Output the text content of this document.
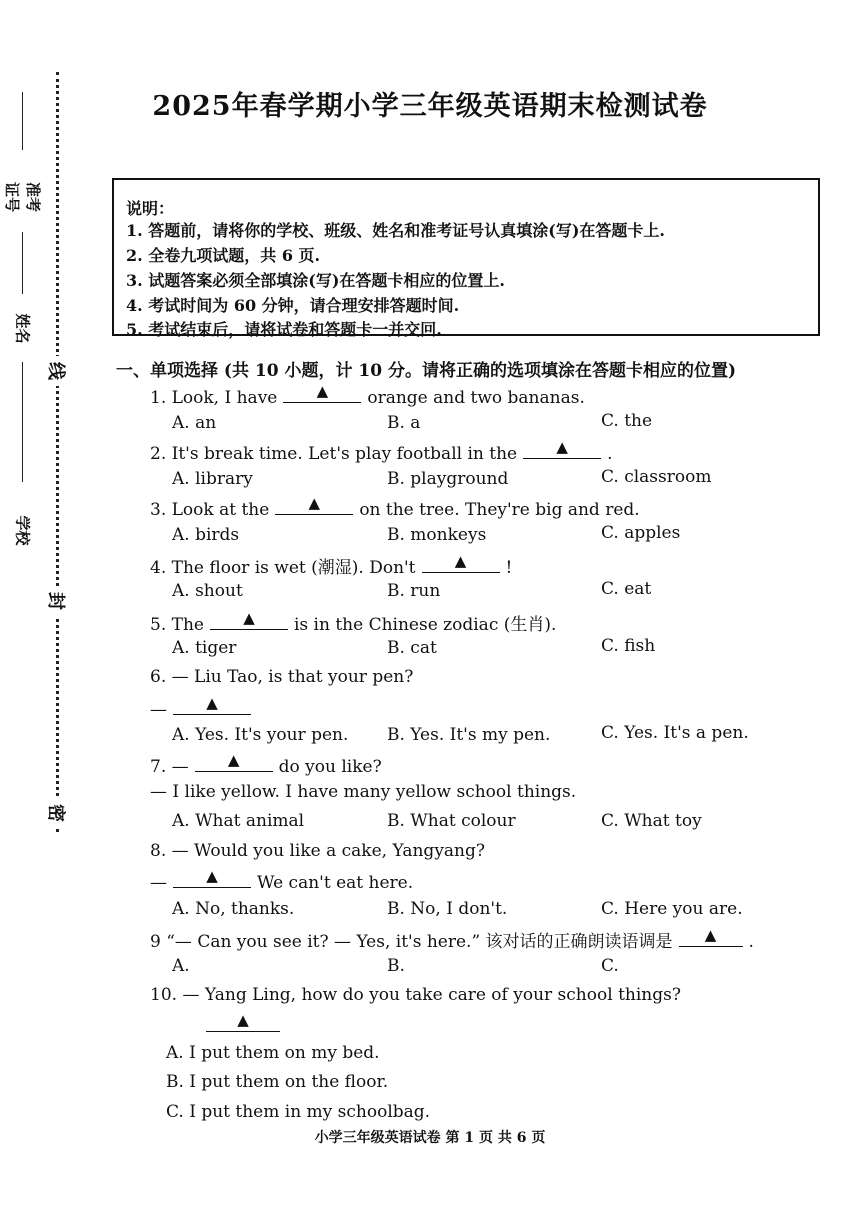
线
封
密
准考证号
姓名
学校
2025年春学期小学三年级英语期末检测试卷
说明：
1. 答题前，请将你的学校、班级、姓名和准考证号认真填涂(写)在答题卡上.
2. 全卷九项试题，共 6 页.
3. 试题答案必须全部填涂(写)在答题卡相应的位置上.
4. 考试时间为 60 分钟，请合理安排答题时间.
5. 考试结束后，请将试卷和答题卡一并交回.
一、单项选择 (共 10 小题，计 10 分。请将正确的选项填涂在答题卡相应的位置)
1. Look, I have	▲ orange and two bananas.
A. an	B. a	C. the
2. It's break time. Let's play football in the	▲ .
A. library	B. playground	C. classroom
3. Look at the	▲ on the tree. They're big and red.
A. birds	B. monkeys	C. apples
4. The floor is wet (潮湿). Don't	▲ !
A. shout	B. run	C. eat
5. The	▲ is in the Chinese zodiac (生肖).
A. tiger	B. cat	C. fish
6. — Liu Tao, is that your pen?
—	▲
A. Yes. It's your pen. B. Yes. It's my pen.	C. Yes. It's a pen.
7. —	▲ do you like?
— I like yellow. I have many yellow school things.
A. What animal	B. What colour	C. What toy
8. — Would you like a cake, Yangyang?
—	▲ We can't eat here.
A. No, thanks.	B. No, I don't.	C. Here you are.
9 “— Can you see it? — Yes, it's here.” 该对话的正确朗读语调是 ▲ .
A.	B.	C.
10. — Yang Ling, how do you take care of your school things?
▲
A. I put them on my bed.
B. I put them on the floor.
C. I put them in my schoolbag.
小学三年级英语试卷 第 1 页 共 6 页
